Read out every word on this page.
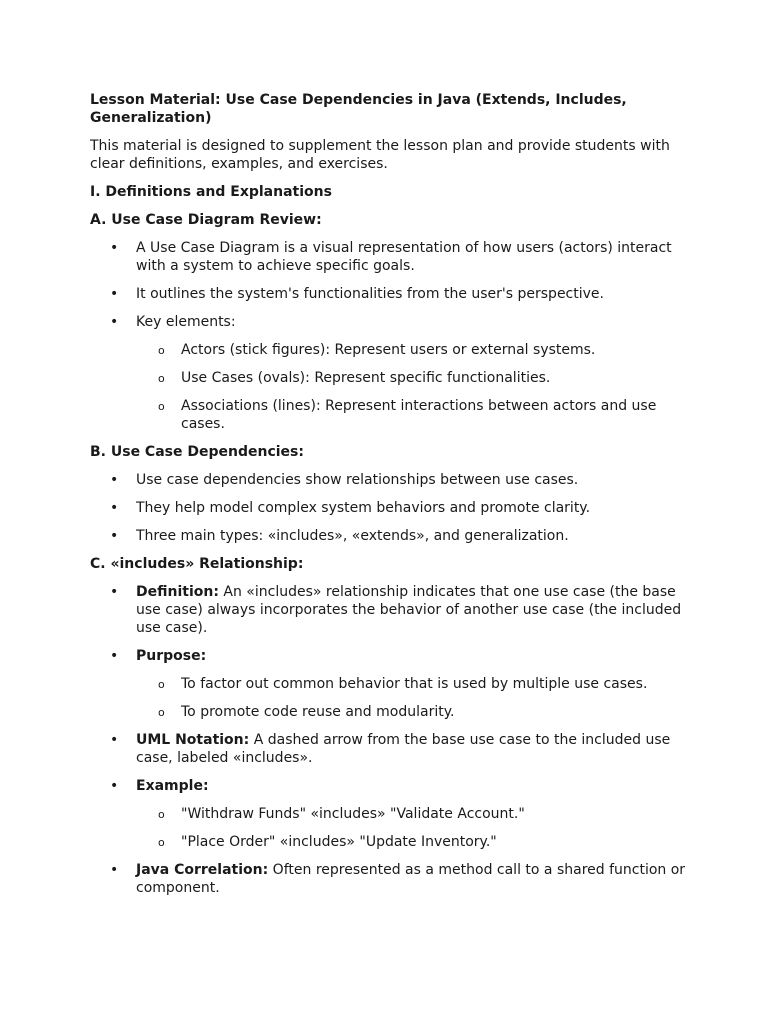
Lesson Material: Use Case Dependencies in Java (Extends, Includes, Generalization)

This material is designed to supplement the lesson plan and provide students with clear definitions, examples, and exercises.

I. Definitions and Explanations

A. Use Case Diagram Review:

• A Use Case Diagram is a visual representation of how users (actors) interact with a system to achieve specific goals.
• It outlines the system's functionalities from the user's perspective.
• Key elements:
o Actors (stick figures): Represent users or external systems.
o Use Cases (ovals): Represent specific functionalities.
o Associations (lines): Represent interactions between actors and use cases.

B. Use Case Dependencies:

• Use case dependencies show relationships between use cases.
• They help model complex system behaviors and promote clarity.
• Three main types: «includes», «extends», and generalization.

C. «includes» Relationship:

• Definition: An «includes» relationship indicates that one use case (the base use case) always incorporates the behavior of another use case (the included use case).
• Purpose:
o To factor out common behavior that is used by multiple use cases.
o To promote code reuse and modularity.
• UML Notation: A dashed arrow from the base use case to the included use case, labeled «includes».
• Example:
o "Withdraw Funds" «includes» "Validate Account."
o "Place Order" «includes» "Update Inventory."
• Java Correlation: Often represented as a method call to a shared function or component.
